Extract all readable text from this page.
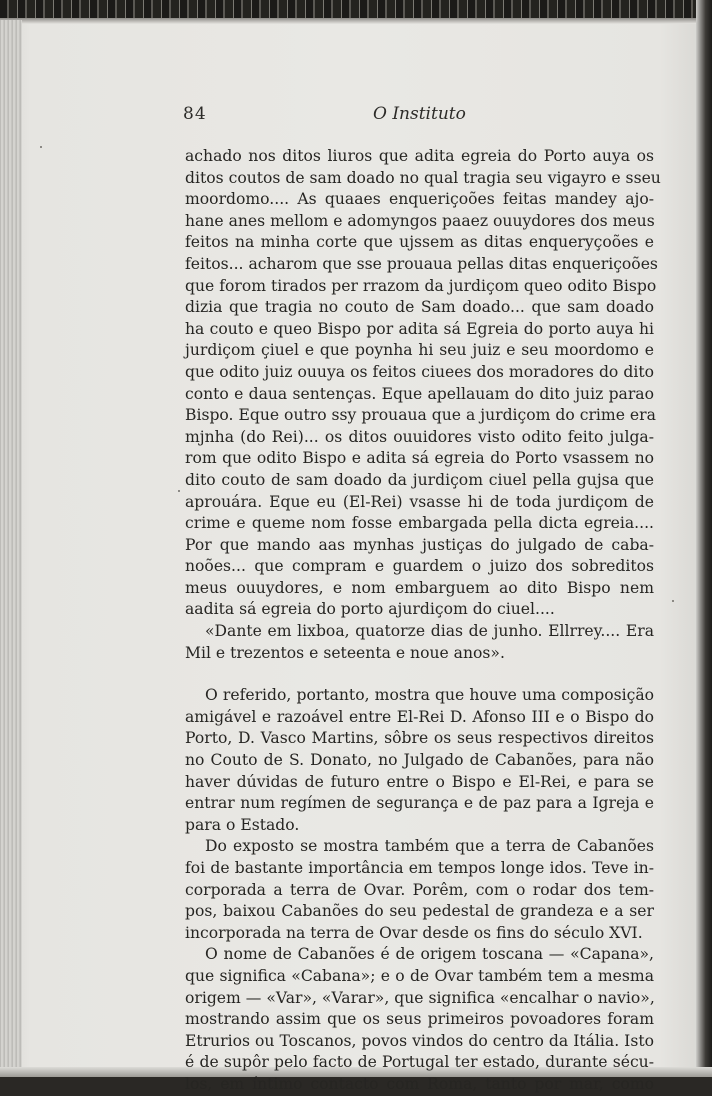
84	O Instituto
achado nos ditos liuros que adita egreia do Porto auya os
ditos coutos de sam doado no qual tragia seu vigayro e sseu
moordomo.... As quaaes enqueriçoões feitas mandey ajo-
hane anes mellom e adomyngos paaez ouuydores dos meus
feitos na minha corte que ujssem as ditas enqueryçoões e
feitos... acharom que sse prouaua pellas ditas enqueriçoões
que forom tirados per rrazom da jurdiçom queo odito Bispo
dizia que tragia no couto de Sam doado... que sam doado
ha couto e queo Bispo por adita sá Egreia do porto auya hi
jurdiçom çiuel e que poynha hi seu juiz e seu moordomo e
que odito juiz ouuya os feitos ciuees dos moradores do dito
conto e daua sentenças. Eque apellauam do dito juiz parao
Bispo. Eque outro ssy prouaua que a jurdiçom do crime era
mjnha (do Rei)... os ditos ouuidores visto odito feito julga-
rom que odito Bispo e adita sá egreia do Porto vsassem no
dito couto de sam doado da jurdiçom ciuel pella gujsa que
aprouára. Eque eu (El-Rei) vsasse hi de toda jurdiçom de
crime e queme nom fosse embargada pella dicta egreia....
Por que mando aas mynhas justiças do julgado de caba-
noões... que compram e guardem o juizo dos sobreditos
meus ouuydores, e nom embarguem ao dito Bispo nem
aadita sá egreia do porto ajurdiçom do ciuel....
«Dante em lixboa, quatorze dias de junho. Ellrrey.... Era
Mil e trezentos e seteenta e noue anos».
O referido, portanto, mostra que houve uma composição
amigável e razoável entre El-Rei D. Afonso III e o Bispo do
Porto, D. Vasco Martins, sôbre os seus respectivos direitos
no Couto de S. Donato, no Julgado de Cabanões, para não
haver dúvidas de futuro entre o Bispo e El-Rei, e para se
entrar num regímen de segurança e de paz para a Igreja e
para o Estado.
Do exposto se mostra também que a terra de Cabanões
foi de bastante importância em tempos longe idos. Teve in-
corporada a terra de Ovar. Porêm, com o rodar dos tem-
pos, baixou Cabanões do seu pedestal de grandeza e a ser
incorporada na terra de Ovar desde os fins do século XVI.
O nome de Cabanões é de origem toscana — «Capana»,
que significa «Cabana»; e o de Ovar também tem a mesma
origem — «Var», «Varar», que significa «encalhar o navio»,
mostrando assim que os seus primeiros povoadores foram
Etrurios ou Toscanos, povos vindos do centro da Itália. Isto
é de supôr pelo facto de Portugal ter estado, durante sécu-
los, em íntimo contacto com Roma, tanto por mar, como
